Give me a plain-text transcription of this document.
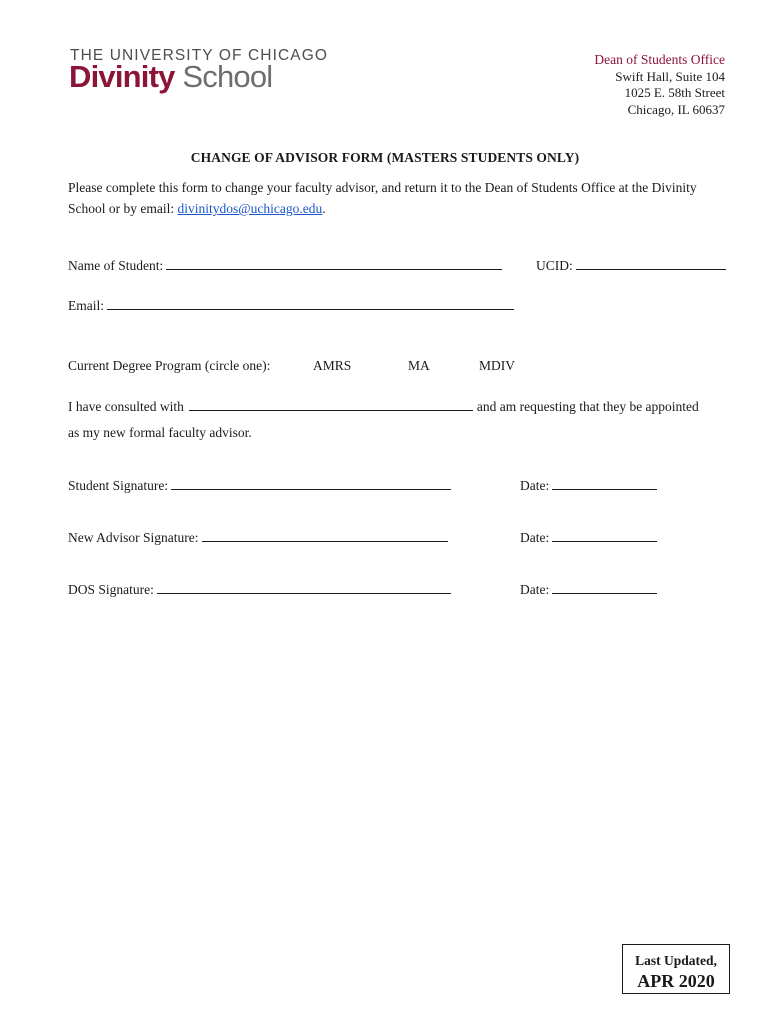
THE UNIVERSITY OF CHICAGO
Divinity School	Dean of Students Office
Swift Hall, Suite 104
1025 E. 58th Street
Chicago, IL 60637
CHANGE OF ADVISOR FORM (MASTERS STUDENTS ONLY)
Please complete this form to change your faculty advisor, and return it to the Dean of Students Office at the Divinity School or by email: divinitydos@uchicago.edu.
Name of Student:	UCID:
Email:
Current Degree Program (circle one):	AMRS	MA	MDIV
I have consulted with	and am requesting that they be appointed
as my new formal faculty advisor.
Student Signature:	Date:
New Advisor Signature:	Date:
DOS Signature:	Date:
Last Updated,
APR 2020
